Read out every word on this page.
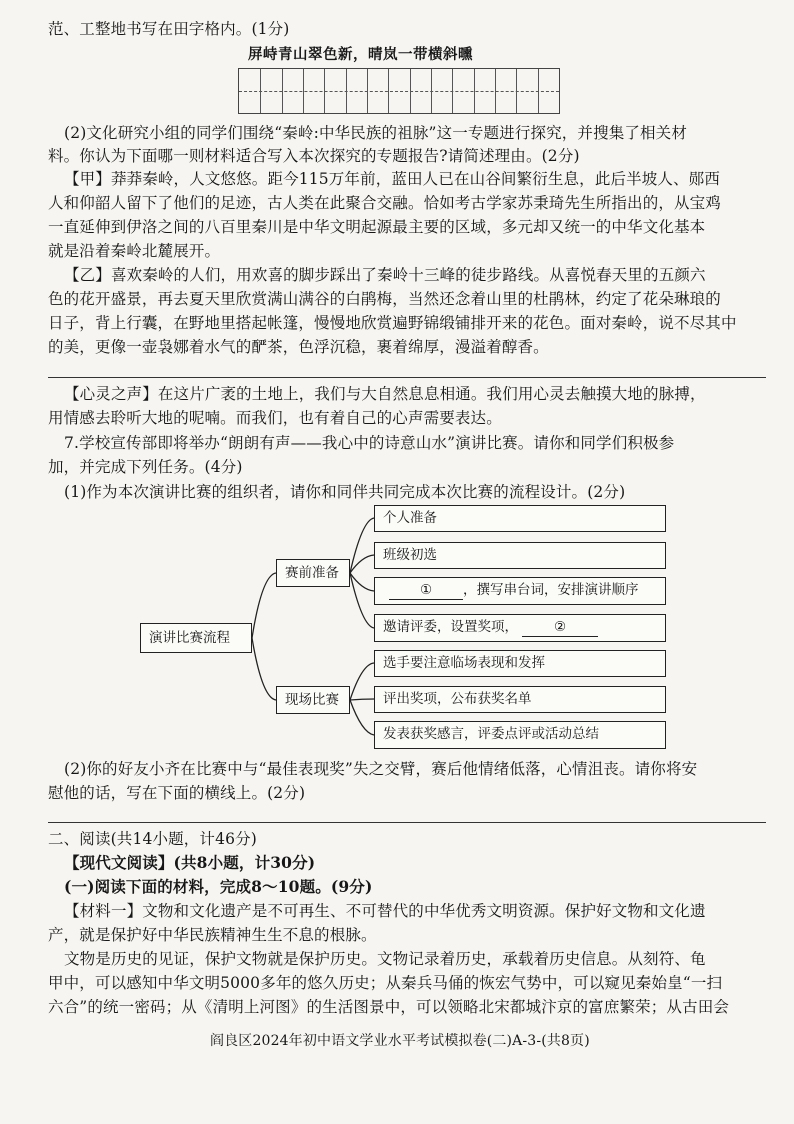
范、工整地书写在田字格内。(1分)
屏峙青山翠色新，晴岚一带横斜曛
(2)文化研究小组的同学们围绕“秦岭:中华民族的祖脉”这一专题进行探究，并搜集了相关材
料。你认为下面哪一则材料适合写入本次探究的专题报告?请简述理由。(2分)
【甲】莽莽秦岭，人文悠悠。距今115万年前，蓝田人已在山谷间繁衍生息，此后半坡人、郧西
人和仰韶人留下了他们的足迹，古人类在此聚合交融。恰如考古学家苏秉琦先生所指出的，从宝鸡
一直延伸到伊洛之间的八百里秦川是中华文明起源最主要的区域，多元却又统一的中华文化基本
就是沿着秦岭北麓展开。
【乙】喜欢秦岭的人们，用欢喜的脚步踩出了秦岭十三峰的徒步路线。从喜悦春天里的五颜六
色的花开盛景，再去夏天里欣赏满山满谷的白鹃梅，当然还念着山里的杜鹃林，约定了花朵琳琅的
日子，背上行囊，在野地里搭起帐篷，慢慢地欣赏遍野锦缎铺排开来的花色。面对秦岭，说不尽其中
的美，更像一壶袅娜着水气的酽茶，色浮沉稳，裹着绵厚，漫溢着醇香。
【心灵之声】在这片广袤的土地上，我们与大自然息息相通。我们用心灵去触摸大地的脉搏，
用情感去聆听大地的呢喃。而我们，也有着自己的心声需要表达。
7.学校宣传部即将举办“朗朗有声——我心中的诗意山水”演讲比赛。请你和同学们积极参
加，并完成下列任务。(4分)
(1)作为本次演讲比赛的组织者，请你和同伴共同完成本次比赛的流程设计。(2分)
演讲比赛流程
赛前准备
现场比赛
个人准备
班级初选
① ，撰写串台词，安排演讲顺序
邀请评委，设置奖项，	②
选手要注意临场表现和发挥
评出奖项，公布获奖名单
发表获奖感言，评委点评或活动总结
(2)你的好友小齐在比赛中与“最佳表现奖”失之交臂，赛后他情绪低落，心情沮丧。请你将安
慰他的话，写在下面的横线上。(2分)
二、阅读(共14小题，计46分)
【现代文阅读】(共8小题，计30分)
(一)阅读下面的材料，完成8～10题。(9分)
【材料一】文物和文化遗产是不可再生、不可替代的中华优秀文明资源。保护好文物和文化遗
产，就是保护好中华民族精神生生不息的根脉。
文物是历史的见证，保护文物就是保护历史。文物记录着历史，承载着历史信息。从刻符、龟
甲中，可以感知中华文明5000多年的悠久历史；从秦兵马俑的恢宏气势中，可以窥见秦始皇“一扫
六合”的统一密码；从《清明上河图》的生活图景中，可以领略北宋都城汴京的富庶繁荣；从古田会
阎良区2024年初中语文学业水平考试模拟卷(二)A-3-(共8页)
